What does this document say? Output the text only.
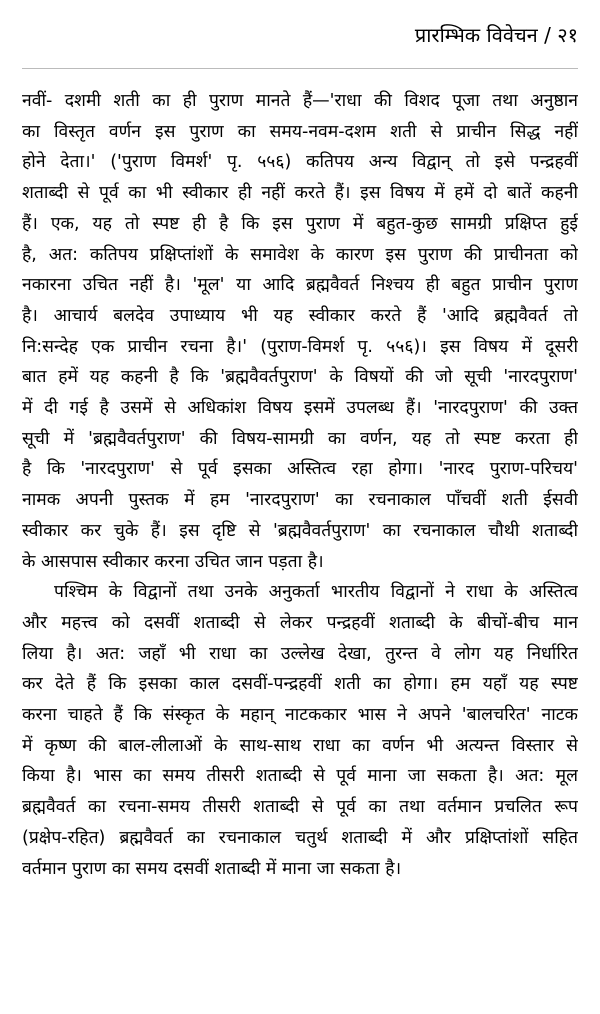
प्रारम्भिक विवेचन / २१
नवीं- दशमी शती का ही पुराण मानते हैं—'राधा की विशद पूजा तथा अनुष्ठान
का विस्तृत वर्णन इस पुराण का समय-नवम-दशम शती से प्राचीन सिद्ध नहीं
होने देता।' ('पुराण विमर्श' पृ. ५५६) कतिपय अन्य विद्वान् तो इसे पन्द्रहवीं
शताब्दी से पूर्व का भी स्वीकार ही नहीं करते हैं। इस विषय में हमें दो बातें कहनी
हैं। एक, यह तो स्पष्ट ही है कि इस पुराण में बहुत-कुछ सामग्री प्रक्षिप्त हुई
है, अत: कतिपय प्रक्षिप्तांशों के समावेश के कारण इस पुराण की प्राचीनता को
नकारना उचित नहीं है। 'मूल' या आदि ब्रह्मवैवर्त निश्चय ही बहुत प्राचीन पुराण
है। आचार्य बलदेव उपाध्याय भी यह स्वीकार करते हैं 'आदि ब्रह्मवैवर्त तो
नि:सन्देह एक प्राचीन रचना है।' (पुराण-विमर्श पृ. ५५६)। इस विषय में दूसरी
बात हमें यह कहनी है कि 'ब्रह्मवैवर्तपुराण' के विषयों की जो सूची 'नारदपुराण'
में दी गई है उसमें से अधिकांश विषय इसमें उपलब्ध हैं। 'नारदपुराण' की उक्त
सूची में 'ब्रह्मवैवर्तपुराण' की विषय-सामग्री का वर्णन, यह तो स्पष्ट करता ही
है कि 'नारदपुराण' से पूर्व इसका अस्तित्व रहा होगा। 'नारद पुराण-परिचय'
नामक अपनी पुस्तक में हम 'नारदपुराण' का रचनाकाल पाँचवीं शती ईसवी
स्वीकार कर चुके हैं। इस दृष्टि से 'ब्रह्मवैवर्तपुराण' का रचनाकाल चौथी शताब्दी
के आसपास स्वीकार करना उचित जान पड़ता है।
पश्चिम के विद्वानों तथा उनके अनुकर्ता भारतीय विद्वानों ने राधा के अस्तित्व
और महत्त्व को दसवीं शताब्दी से लेकर पन्द्रहवीं शताब्दी के बीचों-बीच मान
लिया है। अत: जहाँ भी राधा का उल्लेख देखा, तुरन्त वे लोग यह निर्धारित
कर देते हैं कि इसका काल दसवीं-पन्द्रहवीं शती का होगा। हम यहाँ यह स्पष्ट
करना चाहते हैं कि संस्कृत के महान् नाटककार भास ने अपने 'बालचरित' नाटक
में कृष्ण की बाल-लीलाओं के साथ-साथ राधा का वर्णन भी अत्यन्त विस्तार से
किया है। भास का समय तीसरी शताब्दी से पूर्व माना जा सकता है। अत: मूल
ब्रह्मवैवर्त का रचना-समय तीसरी शताब्दी से पूर्व का तथा वर्तमान प्रचलित रूप
(प्रक्षेप-रहित) ब्रह्मवैवर्त का रचनाकाल चतुर्थ शताब्दी में और प्रक्षिप्तांशों सहित
वर्तमान पुराण का समय दसवीं शताब्दी में माना जा सकता है।
